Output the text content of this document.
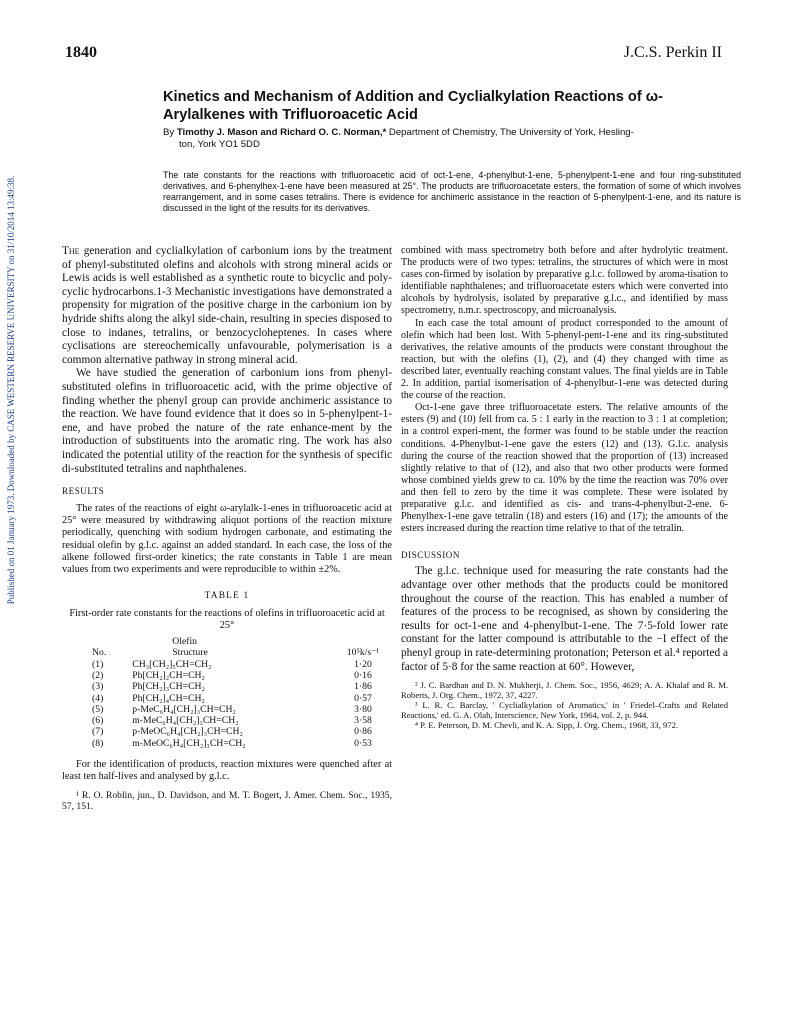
1840	J.C.S. Perkin II
Published on 01 January 1973. Downloaded by CASE WESTERN RESERVE UNIVERSITY on 31/10/2014 13:49:38.
Kinetics and Mechanism of Addition and Cyclialkylation Reactions of ω-Arylalkenes with Trifluoroacetic Acid
By Timothy J. Mason and Richard O. C. Norman,* Department of Chemistry, The University of York, Hesling-
ton, York YO1 5DD
The rate constants for the reactions with trifluoroacetic acid of oct-1-ene, 4-phenylbut-1-ene, 5-phenylpent-1-ene and four ring-substituted derivatives, and 6-phenylhex-1-ene have been measured at 25°. The products are trifluoroacetate esters, the formation of some of which involves rearrangement, and in some cases tetralins. There is evidence for anchimeric assistance in the reaction of 5-phenylpent-1-ene, and its nature is discussed in the light of the results for its derivatives.

The generation and cyclialkylation of carbonium ions by the treatment of phenyl-substituted olefins and alcohols with strong mineral acids or Lewis acids is well established as a synthetic route to bicyclic and poly-cyclic hydrocarbons.1-3 Mechanistic investigations have demonstrated a propensity for migration of the positive charge in the carbonium ion by hydride shifts along the alkyl side-chain, resulting in species disposed to close to indanes, tetralins, or benzocycloheptenes. In cases where cyclisations are stereochemically unfavourable, polymerisation is a common alternative pathway in strong mineral acid.

We have studied the generation of carbonium ions from phenyl-substituted olefins in trifluoroacetic acid, with the prime objective of finding whether the phenyl group can provide anchimeric assistance to the reaction. We have found evidence that it does so in 5-phenylpent-1-ene, and have probed the nature of the rate enhance-ment by the introduction of substituents into the aromatic ring. The work has also indicated the potential utility of the reaction for the synthesis of specific di-substituted tetralins and naphthalenes.

RESULTS

The rates of the reactions of eight ω-arylalk-1-enes in trifluoroacetic acid at 25° were measured by withdrawing aliquot portions of the reaction mixture periodically, quenching with sodium hydrogen carbonate, and estimating the residual olefin by g.l.c. against an added standard. In each case, the loss of the alkene followed first-order kinetics; the rate constants in Table 1 are mean values from two experiments and were reproducible to within ±2%.

TABLE 1

First-order rate constants for the reactions of olefins in trifluoroacetic acid at 25°

	Olefin	
No.	Structure	10⁵k/s⁻¹
(1)	CH₃[CH₂]₅CH=CH₂	1·20
(2)	Ph[CH₂]₂CH=CH₂	0·16
(3)	Ph[CH₂]₃CH=CH₂	1·86
(4)	Ph[CH₂]₄CH=CH₂	0·57
(5)	p-MeC₆H₄[CH₂]₃CH=CH₂	3·80
(6)	m-MeC₆H₄[CH₂]₃CH=CH₂	3·58
(7)	p-MeOC₆H₄[CH₂]₃CH=CH₂	0·86
(8)	m-MeOC₆H₄[CH₂]₃CH=CH₂	0·53

For the identification of products, reaction mixtures were quenched after at least ten half-lives and analysed by g.l.c.

¹ R. O. Roblin, jun., D. Davidson, and M. T. Bogert, J. Amer. Chem. Soc., 1935, 57, 151.

combined with mass spectrometry both before and after hydrolytic treatment. The products were of two types: tetralins, the structures of which were in most cases con-firmed by isolation by preparative g.l.c. followed by aroma-tisation to identifiable naphthalenes; and trifluoroacetate esters which were converted into alcohols by hydrolysis, isolated by preparative g.l.c., and identified by mass spectrometry, n.m.r. spectroscopy, and microanalysis.

In each case the total amount of product corresponded to the amount of olefin which had been lost. With 5-phenyl-pent-1-ene and its ring-substituted derivatives, the relative amounts of the products were constant throughout the reaction, but with the olefins (1), (2), and (4) they changed with time as described later, eventually reaching constant values. The final yields are in Table 2. In addition, partial isomerisation of 4-phenylbut-1-ene was detected during the course of the reaction.

Oct-1-ene gave three trifluoroacetate esters. The relative amounts of the esters (9) and (10) fell from ca. 5 : 1 early in the reaction to 3 : 1 at completion; in a control experi-ment, the former was found to be stable under the reaction conditions. 4-Phenylbut-1-ene gave the esters (12) and (13). G.l.c. analysis during the course of the reaction showed that the proportion of (13) increased slightly relative to that of (12), and also that two other products were formed whose combined yields grew to ca. 10% by the time the reaction was 70% over and then fell to zero by the time it was complete. These were isolated by preparative g.l.c. and identified as cis- and trans-4-phenylbut-2-ene. 6-Phenylhex-1-ene gave tetralin (18) and esters (16) and (17); the amounts of the esters increased during the reaction time relative to that of the tetralin.

DISCUSSION

The g.l.c. technique used for measuring the rate constants had the advantage over other methods that the products could be monitored throughout the course of the reaction. This has enabled a number of features of the process to be recognised, as shown by considering the results for oct-1-ene and 4-phenylbut-1-ene. The 7·5-fold lower rate constant for the latter compound is attributable to the −I effect of the phenyl group in rate-determining protonation; Peterson et al.⁴ reported a factor of 5·8 for the same reaction at 60°. However,

² J. C. Bardhan and D. N. Mukherji, J. Chem. Soc., 1956, 4629; A. A. Khalaf and R. M. Roberts, J. Org. Chem., 1972, 37, 4227.

³ L. R. C. Barclay, ' Cyclialkylation of Aromatics,' in ' Friedel–Crafts and Related Reactions,' ed. G. A. Olah, Interscience, New York, 1964, vol. 2, p. 944.

⁴ P. E. Peterson, D. M. Chevli, and K. A. Sipp, J. Org. Chem., 1968, 33, 972.
